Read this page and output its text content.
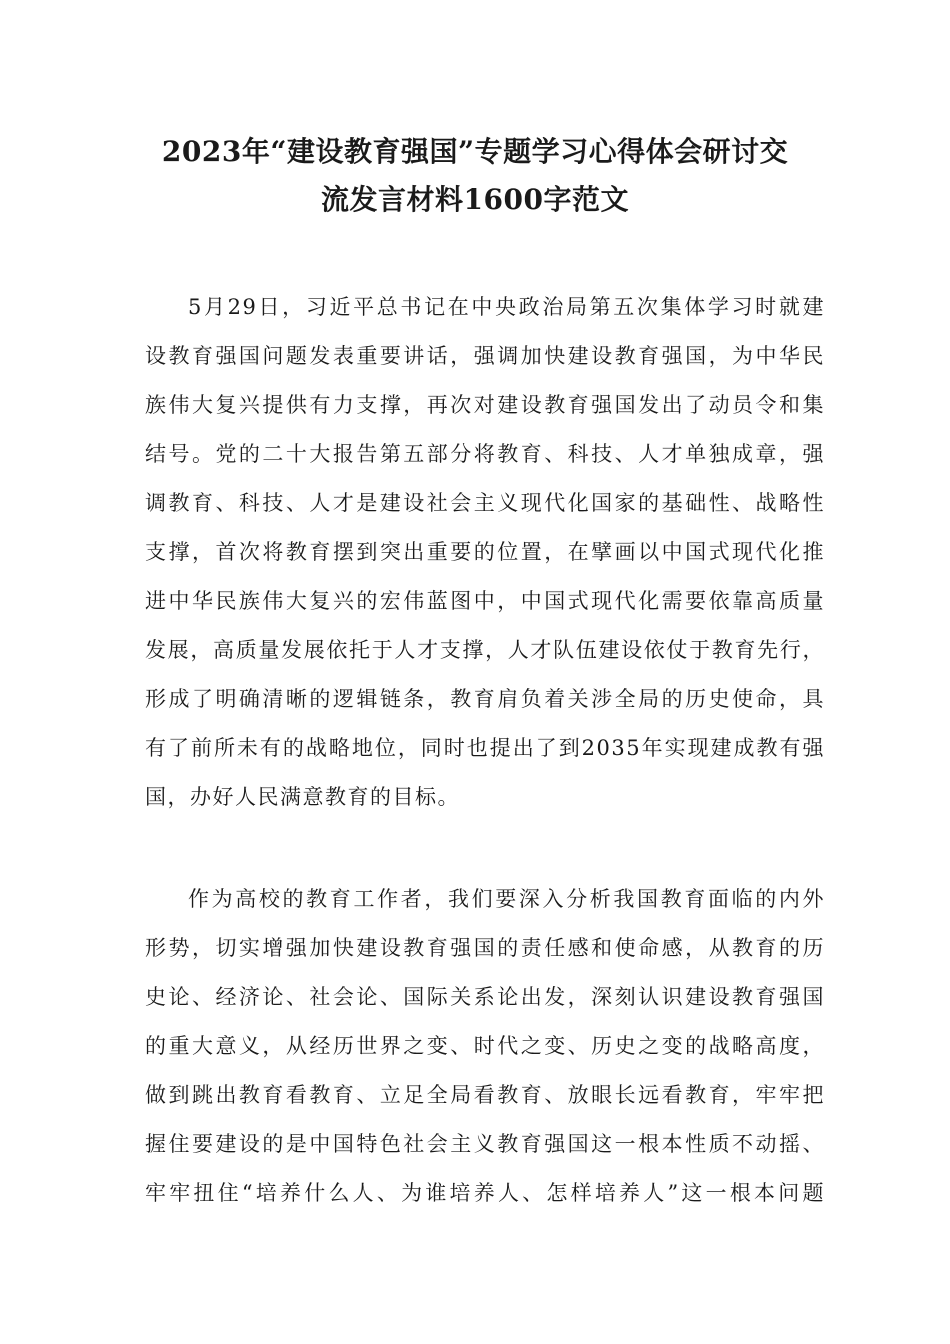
2023年“建设教育强国”专题学习心得体会研讨交
流发言材料1600字范文
5月29日，习近平总书记在中央政治局第五次集体学习时就建
设教育强国问题发表重要讲话，强调加快建设教育强国，为中华民
族伟大复兴提供有力支撑，再次对建设教育强国发出了动员令和集
结号。党的二十大报告第五部分将教育、科技、人才单独成章，强
调教育、科技、人才是建设社会主义现代化国家的基础性、战略性
支撑，首次将教育摆到突出重要的位置，在擘画以中国式现代化推
进中华民族伟大复兴的宏伟蓝图中，中国式现代化需要依靠高质量
发展，高质量发展依托于人才支撑，人才队伍建设依仗于教育先行，
形成了明确清晰的逻辑链条，教育肩负着关涉全局的历史使命，具
有了前所未有的战略地位，同时也提出了到2035年实现建成教有强
国，办好人民满意教育的目标。
作为高校的教育工作者，我们要深入分析我国教育面临的内外
形势，切实增强加快建设教育强国的责任感和使命感，从教育的历
史论、经济论、社会论、国际关系论出发，深刻认识建设教育强国
的重大意义，从经历世界之变、时代之变、历史之变的战略高度，
做到跳出教育看教育、立足全局看教育、放眼长远看教育，牢牢把
握住要建设的是中国特色社会主义教育强国这一根本性质不动摇、
牢牢扭住“培养什么人、为谁培养人、怎样培养人”这一根本问题
